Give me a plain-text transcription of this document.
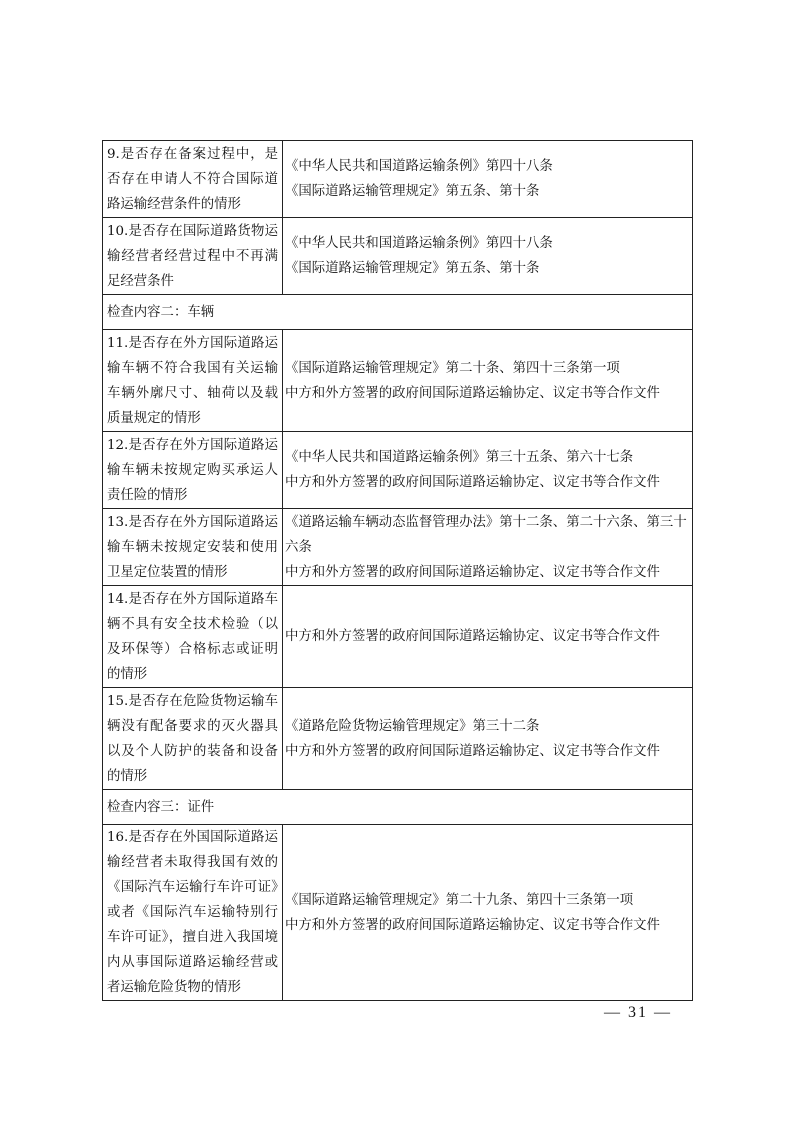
9.是否存在备案过程中，是否存在申请人不符合国际道路运输经营条件的情形	《中华人民共和国道路运输条例》第四十八条
《国际道路运输管理规定》第五条、第十条

10.是否存在国际道路货物运输经营者经营过程中不再满足经营条件	《中华人民共和国道路运输条例》第四十八条
《国际道路运输管理规定》第五条、第十条

检查内容二：车辆	
11.是否存在外方国际道路运输车辆不符合我国有关运输车辆外廓尺寸、轴荷以及载质量规定的情形	《国际道路运输管理规定》第二十条、第四十三条第一项
中方和外方签署的政府间国际道路运输协定、议定书等合作文件

12.是否存在外方国际道路运输车辆未按规定购买承运人责任险的情形	《中华人民共和国道路运输条例》第三十五条、第六十七条
中方和外方签署的政府间国际道路运输协定、议定书等合作文件

13.是否存在外方国际道路运输车辆未按规定安装和使用卫星定位装置的情形	《道路运输车辆动态监督管理办法》第十二条、第二十六条、第三十六条
中方和外方签署的政府间国际道路运输协定、议定书等合作文件

14.是否存在外方国际道路车辆不具有安全技术检验（以及环保等）合格标志或证明的情形	中方和外方签署的政府间国际道路运输协定、议定书等合作文件

15.是否存在危险货物运输车辆没有配备要求的灭火器具以及个人防护的装备和设备的情形	《道路危险货物运输管理规定》第三十二条
中方和外方签署的政府间国际道路运输协定、议定书等合作文件

检查内容三：证件	
16.是否存在外国国际道路运输经营者未取得我国有效的《国际汽车运输行车许可证》或者《国际汽车运输特别行车许可证》，擅自进入我国境内从事国际道路运输经营或者运输危险货物的情形	《国际道路运输管理规定》第二十九条、第四十三条第一项
中方和外方签署的政府间国际道路运输协定、议定书等合作文件
— 31 —
